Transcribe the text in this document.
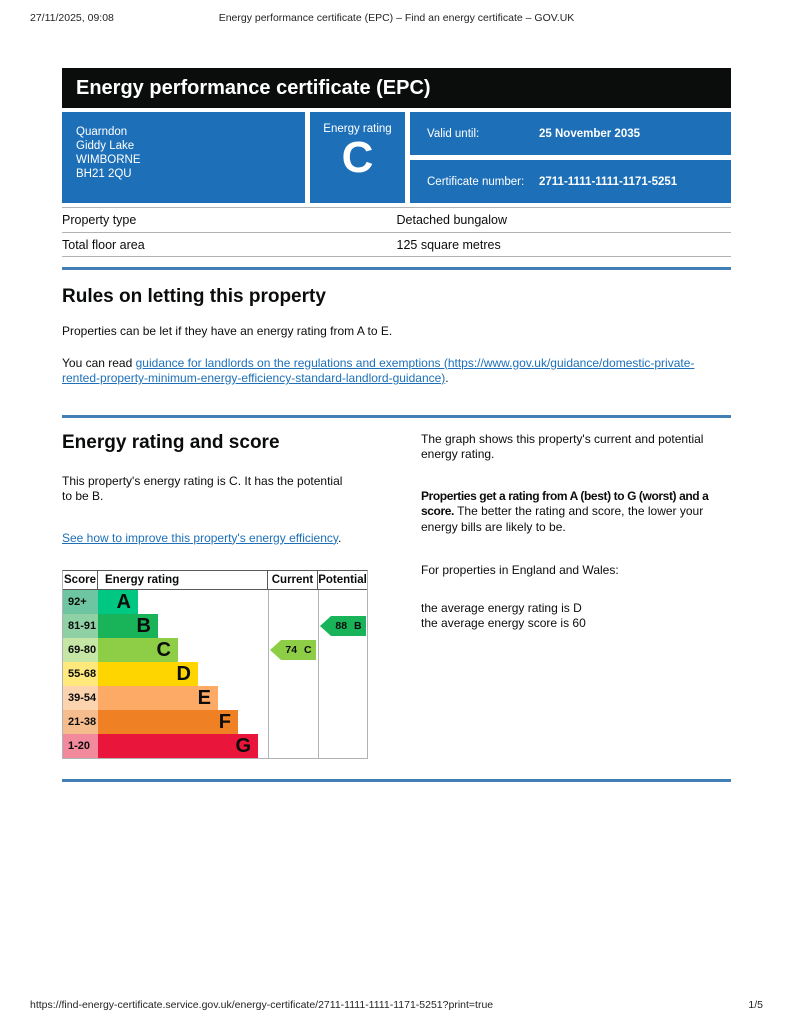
27/11/2025, 09:08	Energy performance certificate (EPC) – Find an energy certificate – GOV.UK
Energy performance certificate (EPC)
Quarndon
Giddy Lake
WIMBORNE
BH21 2QU
Energy rating
C	Valid until:	25 November 2035
Certificate number:	2711-1111-1111-1171-5251
Property type	Detached bungalow
Total floor area	125 square metres
Rules on letting this property

Properties can be let if they have an energy rating from A to E.

You can read guidance for landlords on the regulations and exemptions (https://www.gov.uk/guidance/domestic-private-rented-property-minimum-energy-efficiency-standard-landlord-guidance).

Energy rating and score

This property's energy rating is C. It has the potential to be B.

See how to improve this property's energy efficiency.

Score Energy rating	Current Potential
92+	A
81-91	B
69-80	C
55-68	D
39-54	E
21-38	F
1-20	G
74 C
88 B

The graph shows this property's current and potential energy rating.

Properties get a rating from A (best) to G (worst) and a score. The better the rating and score, the lower your energy bills are likely to be.

For properties in England and Wales:

the average energy rating is D
the average energy score is 60

https://find-energy-certificate.service.gov.uk/energy-certificate/2711-1111-1111-1171-5251?print=true	1/5
